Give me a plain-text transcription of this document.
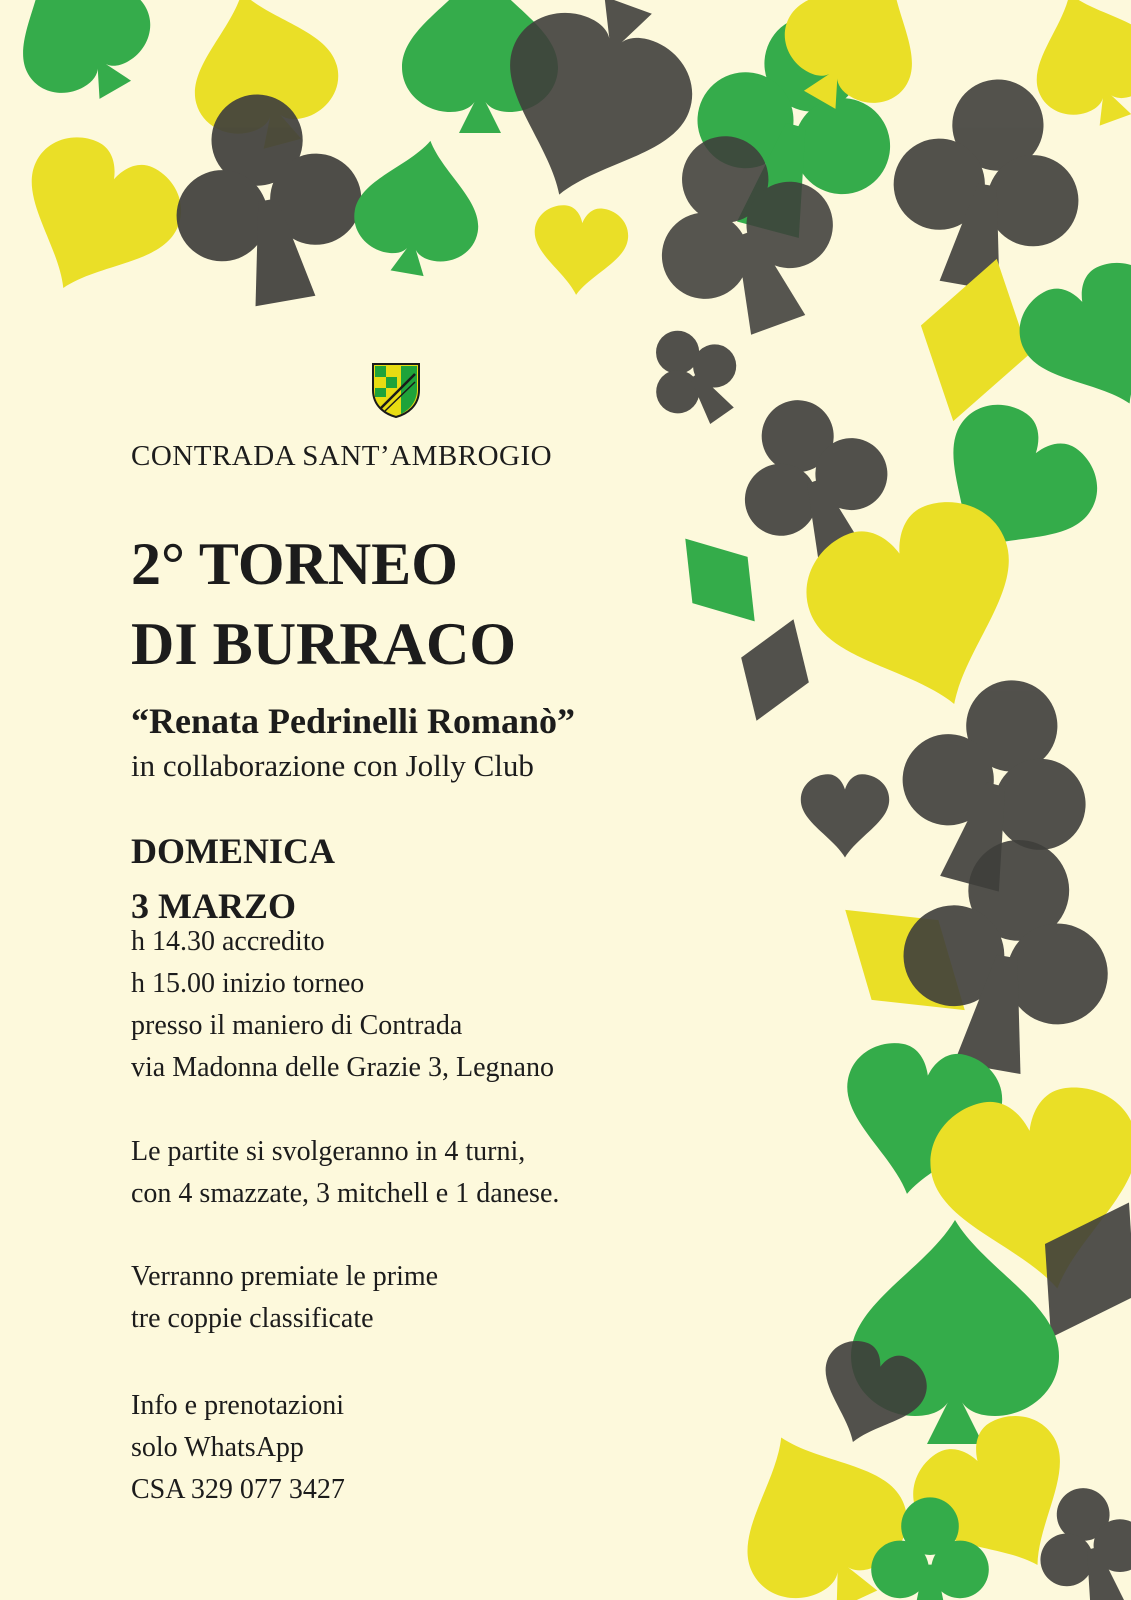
CONTRADA SANT’AMBROGIO
2° TORNEO
DI BURRACO
“Renata Pedrinelli Romanò”
in collaborazione con Jolly Club
DOMENICA
3 MARZO
h 14.30 accredito
h 15.00 inizio torneo
presso il maniero di Contrada
via Madonna delle Grazie 3, Legnano
Le partite si svolgeranno in 4 turni,
con 4 smazzate, 3 mitchell e 1 danese.
Verranno premiate le prime
tre coppie classificate
Info e prenotazioni
solo WhatsApp
CSA 329 077 3427
